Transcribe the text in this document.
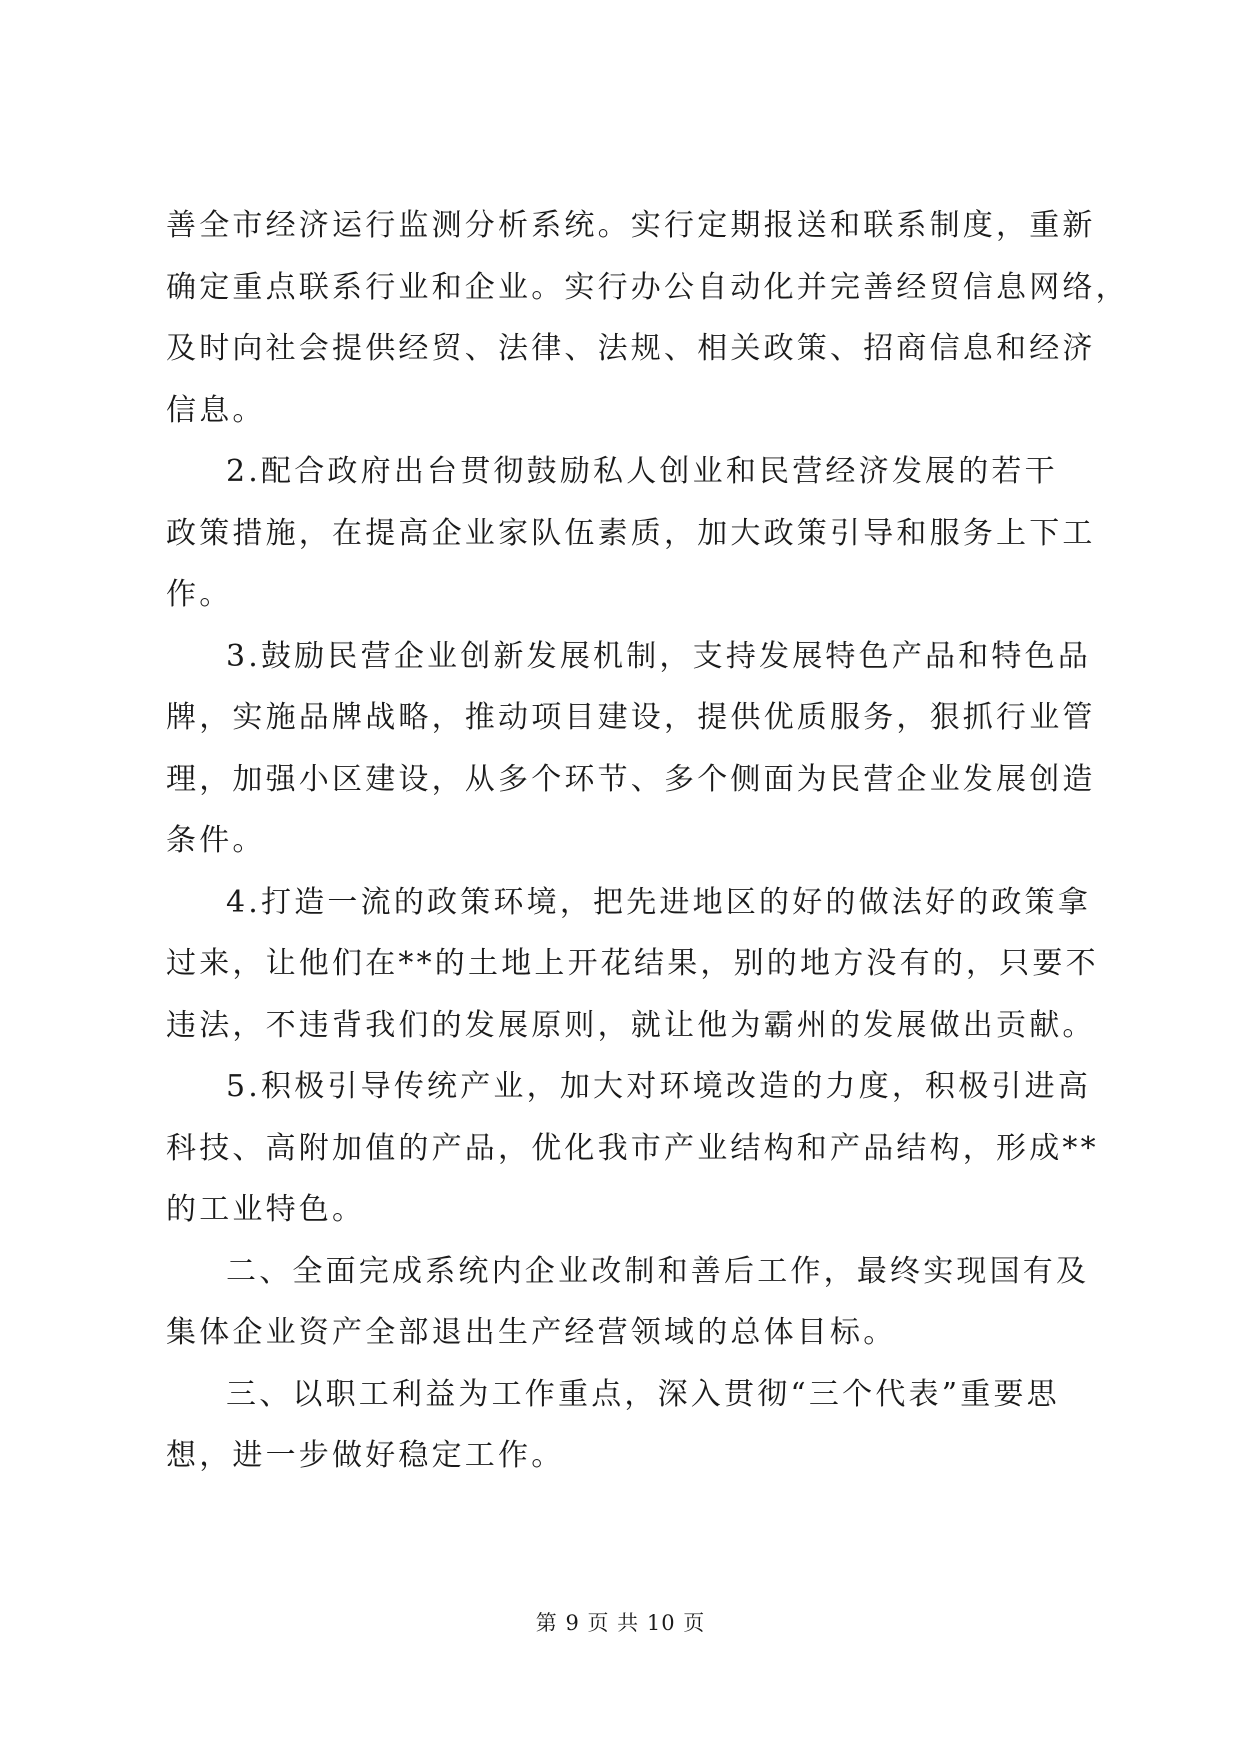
善全市经济运行监测分析系统。实行定期报送和联系制度，重新
确定重点联系行业和企业。实行办公自动化并完善经贸信息网络，
及时向社会提供经贸、法律、法规、相关政策、招商信息和经济
信息。
2.配合政府出台贯彻鼓励私人创业和民营经济发展的若干
政策措施，在提高企业家队伍素质，加大政策引导和服务上下工
作。
3.鼓励民营企业创新发展机制，支持发展特色产品和特色品
牌，实施品牌战略，推动项目建设，提供优质服务，狠抓行业管
理，加强小区建设，从多个环节、多个侧面为民营企业发展创造
条件。
4.打造一流的政策环境，把先进地区的好的做法好的政策拿
过来，让他们在**的土地上开花结果，别的地方没有的，只要不
违法，不违背我们的发展原则，就让他为霸州的发展做出贡献。
5.积极引导传统产业，加大对环境改造的力度，积极引进高
科技、高附加值的产品，优化我市产业结构和产品结构，形成**
的工业特色。
二、全面完成系统内企业改制和善后工作，最终实现国有及
集体企业资产全部退出生产经营领域的总体目标。
三、以职工利益为工作重点，深入贯彻“三个代表”重要思
想，进一步做好稳定工作。
第 9 页 共 10 页
